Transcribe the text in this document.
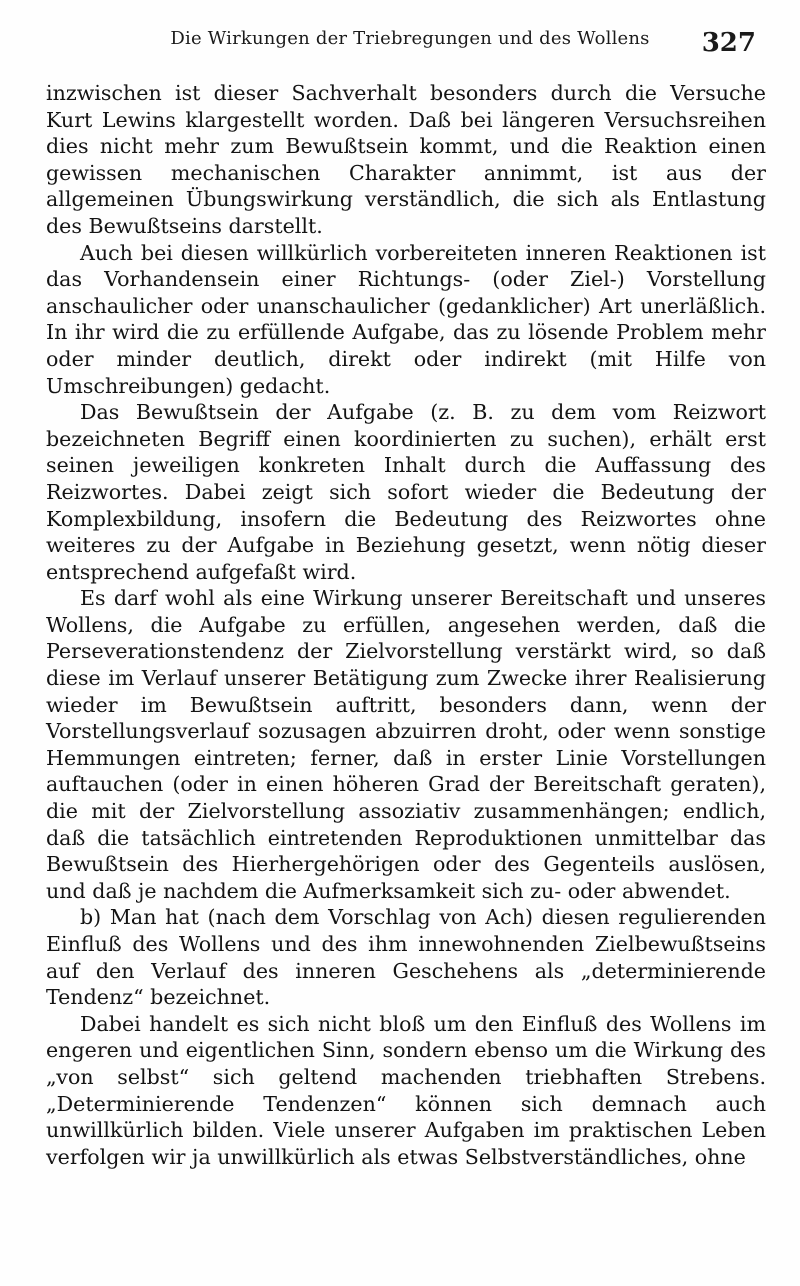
Die Wirkungen der Triebregungen und des Wollens	327

inzwischen ist dieser Sachverhalt besonders durch die Versuche Kurt Lewins klargestellt worden. Daß bei längeren Versuchsreihen dies nicht mehr zum Bewußtsein kommt, und die Reaktion einen gewissen mechanischen Charakter annimmt, ist aus der allgemeinen Übungswirkung verständlich, die sich als Entlastung des Bewußtseins darstellt.

Auch bei diesen willkürlich vorbereiteten inneren Reaktionen ist das Vorhandensein einer Richtungs- (oder Ziel-) Vorstellung anschaulicher oder unanschaulicher (gedanklicher) Art unerläßlich. In ihr wird die zu erfüllende Aufgabe, das zu lösende Problem mehr oder minder deutlich, direkt oder indirekt (mit Hilfe von Umschreibungen) gedacht.

Das Bewußtsein der Aufgabe (z. B. zu dem vom Reizwort bezeichneten Begriff einen koordinierten zu suchen), erhält erst seinen jeweiligen konkreten Inhalt durch die Auffassung des Reizwortes. Dabei zeigt sich sofort wieder die Bedeutung der Komplexbildung, insofern die Bedeutung des Reizwortes ohne weiteres zu der Aufgabe in Beziehung gesetzt, wenn nötig dieser entsprechend aufgefaßt wird.

Es darf wohl als eine Wirkung unserer Bereitschaft und unseres Wollens, die Aufgabe zu erfüllen, angesehen werden, daß die Perseverationstendenz der Zielvorstellung verstärkt wird, so daß diese im Verlauf unserer Betätigung zum Zwecke ihrer Realisierung wieder im Bewußtsein auftritt, besonders dann, wenn der Vorstellungsverlauf sozusagen abzuirren droht, oder wenn sonstige Hemmungen eintreten; ferner, daß in erster Linie Vorstellungen auftauchen (oder in einen höheren Grad der Bereitschaft geraten), die mit der Zielvorstellung assoziativ zusammenhängen; endlich, daß die tatsächlich eintretenden Reproduktionen unmittelbar das Bewußtsein des Hierhergehörigen oder des Gegenteils auslösen, und daß je nachdem die Aufmerksamkeit sich zu- oder abwendet.

b) Man hat (nach dem Vorschlag von Ach) diesen regulierenden Einfluß des Wollens und des ihm innewohnenden Zielbewußtseins auf den Verlauf des inneren Geschehens als „determinierende Tendenz“ bezeichnet.

Dabei handelt es sich nicht bloß um den Einfluß des Wollens im engeren und eigentlichen Sinn, sondern ebenso um die Wirkung des „von selbst“ sich geltend machenden triebhaften Strebens. „Determinierende Tendenzen“ können sich demnach auch unwillkürlich bilden. Viele unserer Aufgaben im praktischen Leben verfolgen wir ja unwillkürlich als etwas Selbstverständliches, ohne
